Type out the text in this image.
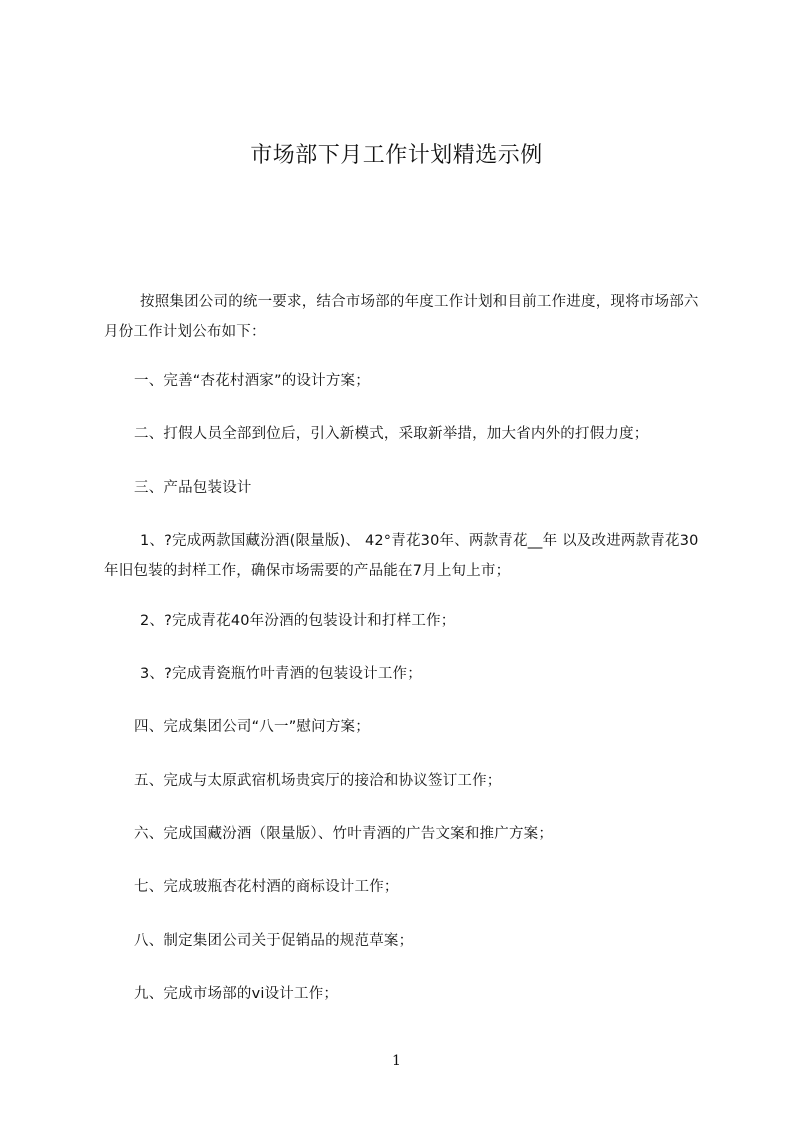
市场部下月工作计划精选示例
按照集团公司的统一要求，结合市场部的年度工作计划和目前工作进度，现将市场部六月份工作计划公布如下：
一、完善“杏花村酒家”的设计方案；
二、打假人员全部到位后，引入新模式，采取新举措，加大省内外的打假力度；
三、产品包装设计
1、?完成两款国藏汾酒(限量版)、 42°青花30年、两款青花__年 以及改进两款青花30年旧包装的封样工作，确保市场需要的产品能在7月上旬上市；
2、?完成青花40年汾酒的包装设计和打样工作；
3、?完成青瓷瓶竹叶青酒的包装设计工作；
四、完成集团公司“八一”慰问方案；
五、完成与太原武宿机场贵宾厅的接洽和协议签订工作；
六、完成国藏汾酒（限量版）、竹叶青酒的广告文案和推广方案；
七、完成玻瓶杏花村酒的商标设计工作；
八、制定集团公司关于促销品的规范草案；
九、完成市场部的vi设计工作；
1
